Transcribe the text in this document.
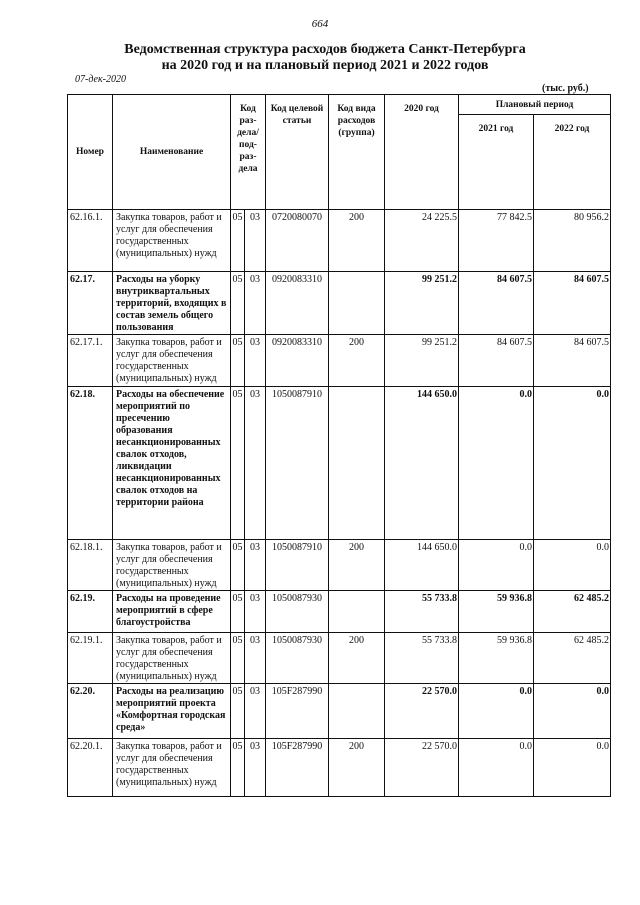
664
Ведомственная структура расходов бюджета Санкт-Петербурга
на 2020 год и на плановый период 2021 и 2022 годов
07-дек-2020
(тыс. руб.)
Номер	Наименование	Код раз- дела/ под- раз- дела		Код целевой статьи	Код вида расходов (группа)	2020 год	Плановый период	
							2021 год	2022 год
62.16.1.	Закупка товаров, работ и услуг для обеспечения государственных (муниципальных) нужд	05	03	0720080070	200	24 225.5	77 842.5	80 956.2
62.17.	Расходы на уборку внутриквартальных территорий, входящих в состав земель общего пользования	05	03	0920083310		99 251.2	84 607.5	84 607.5
62.17.1.	Закупка товаров, работ и услуг для обеспечения государственных (муниципальных) нужд	05	03	0920083310	200	99 251.2	84 607.5	84 607.5
62.18.	Расходы на обеспечение мероприятий по пресечению образования несанкционированных свалок отходов, ликвидации несанкционированных свалок отходов на территории района	05	03	1050087910		144 650.0	0.0	0.0
62.18.1.	Закупка товаров, работ и услуг для обеспечения государственных (муниципальных) нужд	05	03	1050087910	200	144 650.0	0.0	0.0
62.19.	Расходы на проведение мероприятий в сфере благоустройства	05	03	1050087930		55 733.8	59 936.8	62 485.2
62.19.1.	Закупка товаров, работ и услуг для обеспечения государственных (муниципальных) нужд	05	03	1050087930	200	55 733.8	59 936.8	62 485.2
62.20.	Расходы на реализацию мероприятий проекта «Комфортная городская среда»	05	03	105F287990		22 570.0	0.0	0.0
62.20.1.	Закупка товаров, работ и услуг для обеспечения государственных (муниципальных) нужд	05	03	105F287990	200	22 570.0	0.0	0.0
